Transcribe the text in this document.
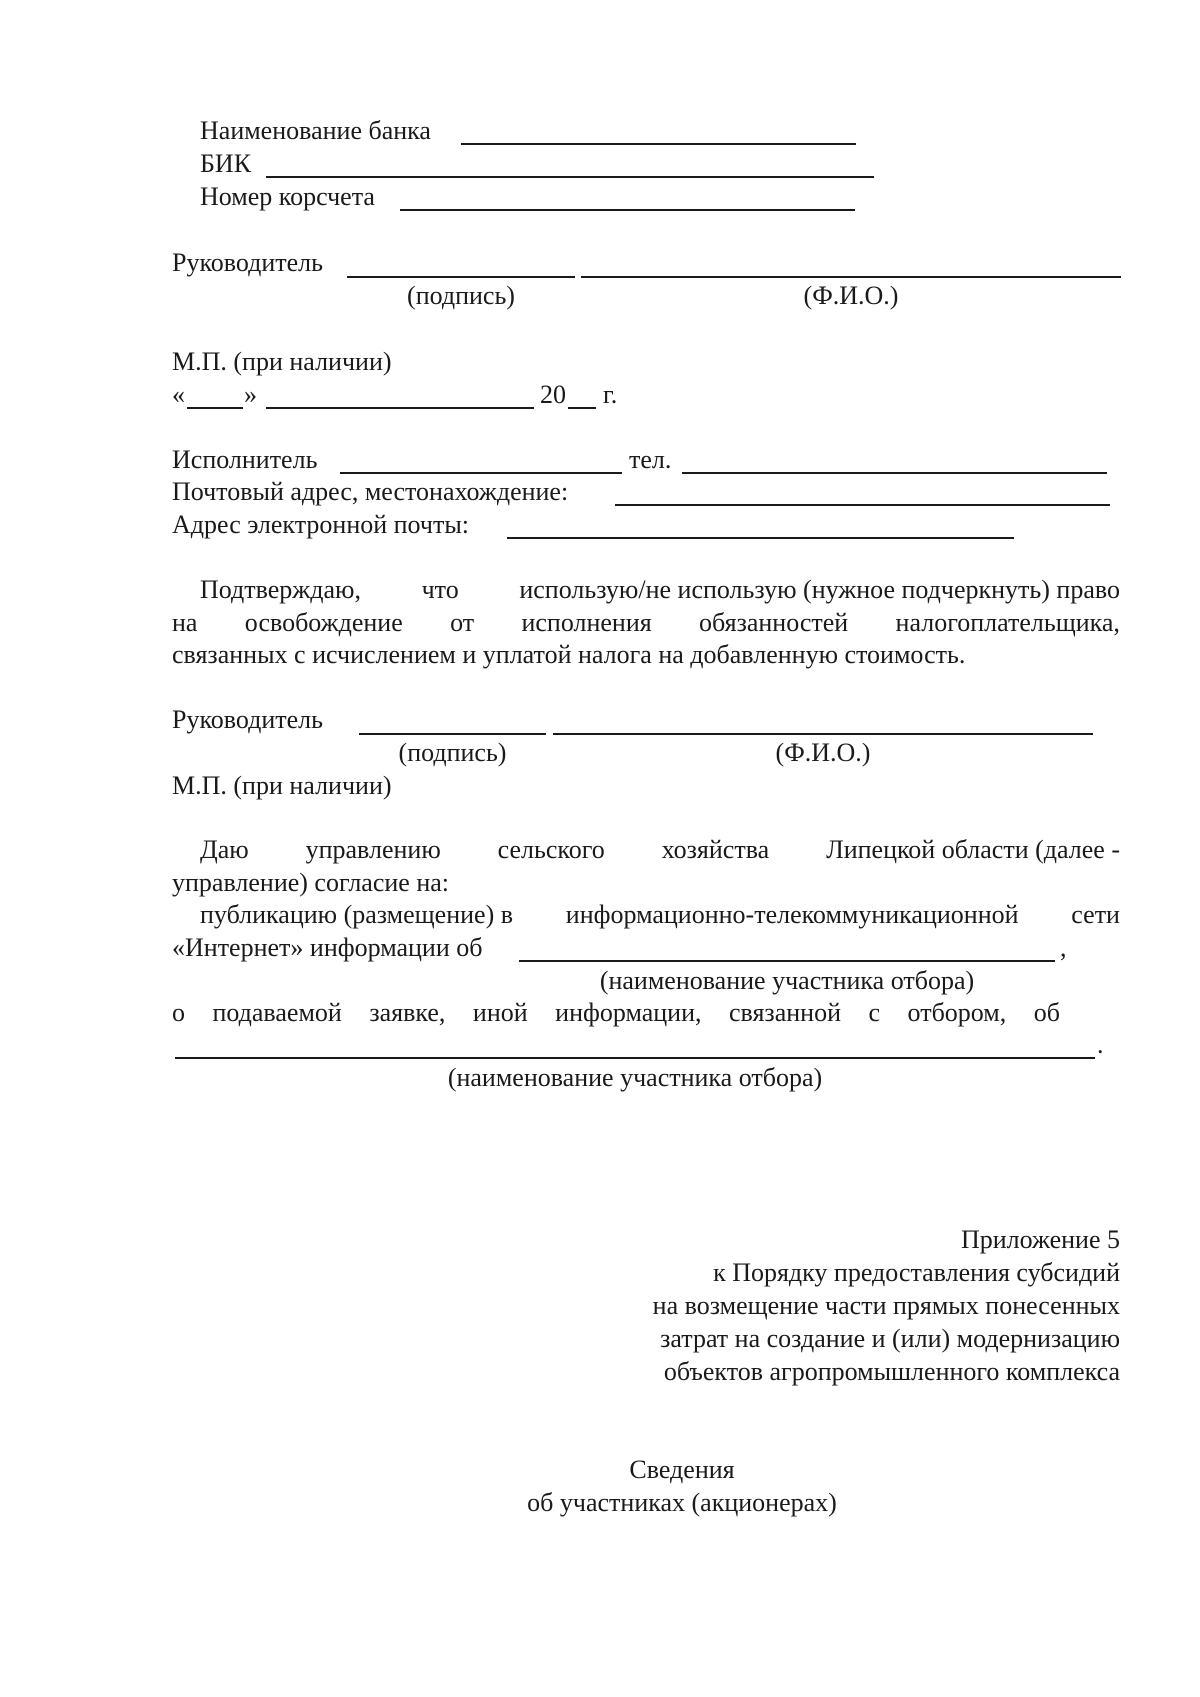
Наименование банка
БИК
Номер корсчета
Руководитель
(подпись)	(Ф.И.О.)
М.П. (при наличии)
« »	20 г.
Исполнитель	тел.
Почтовый адрес, местонахождение:
Адрес электронной почты:
Подтверждаю, что использую/не использую (нужное подчеркнуть) право
на освобождение от исполнения обязанностей налогоплательщика,
связанных с исчислением и уплатой налога на добавленную стоимость.
Руководитель
(подпись)	(Ф.И.О.)
М.П. (при наличии)
Даю управлению сельского хозяйства Липецкой области (далее -
управление) согласие на:
публикацию (размещение) в информационно-телекоммуникационной сети
«Интернет» информации об	,
(наименование участника отбора)
о подаваемой заявке, иной информации, связанной с отбором, об
.
(наименование участника отбора)
Приложение 5
к Порядку предоставления субсидий
на возмещение части прямых понесенных
затрат на создание и (или) модернизацию
объектов агропромышленного комплекса
Сведения
об участниках (акционерах)
